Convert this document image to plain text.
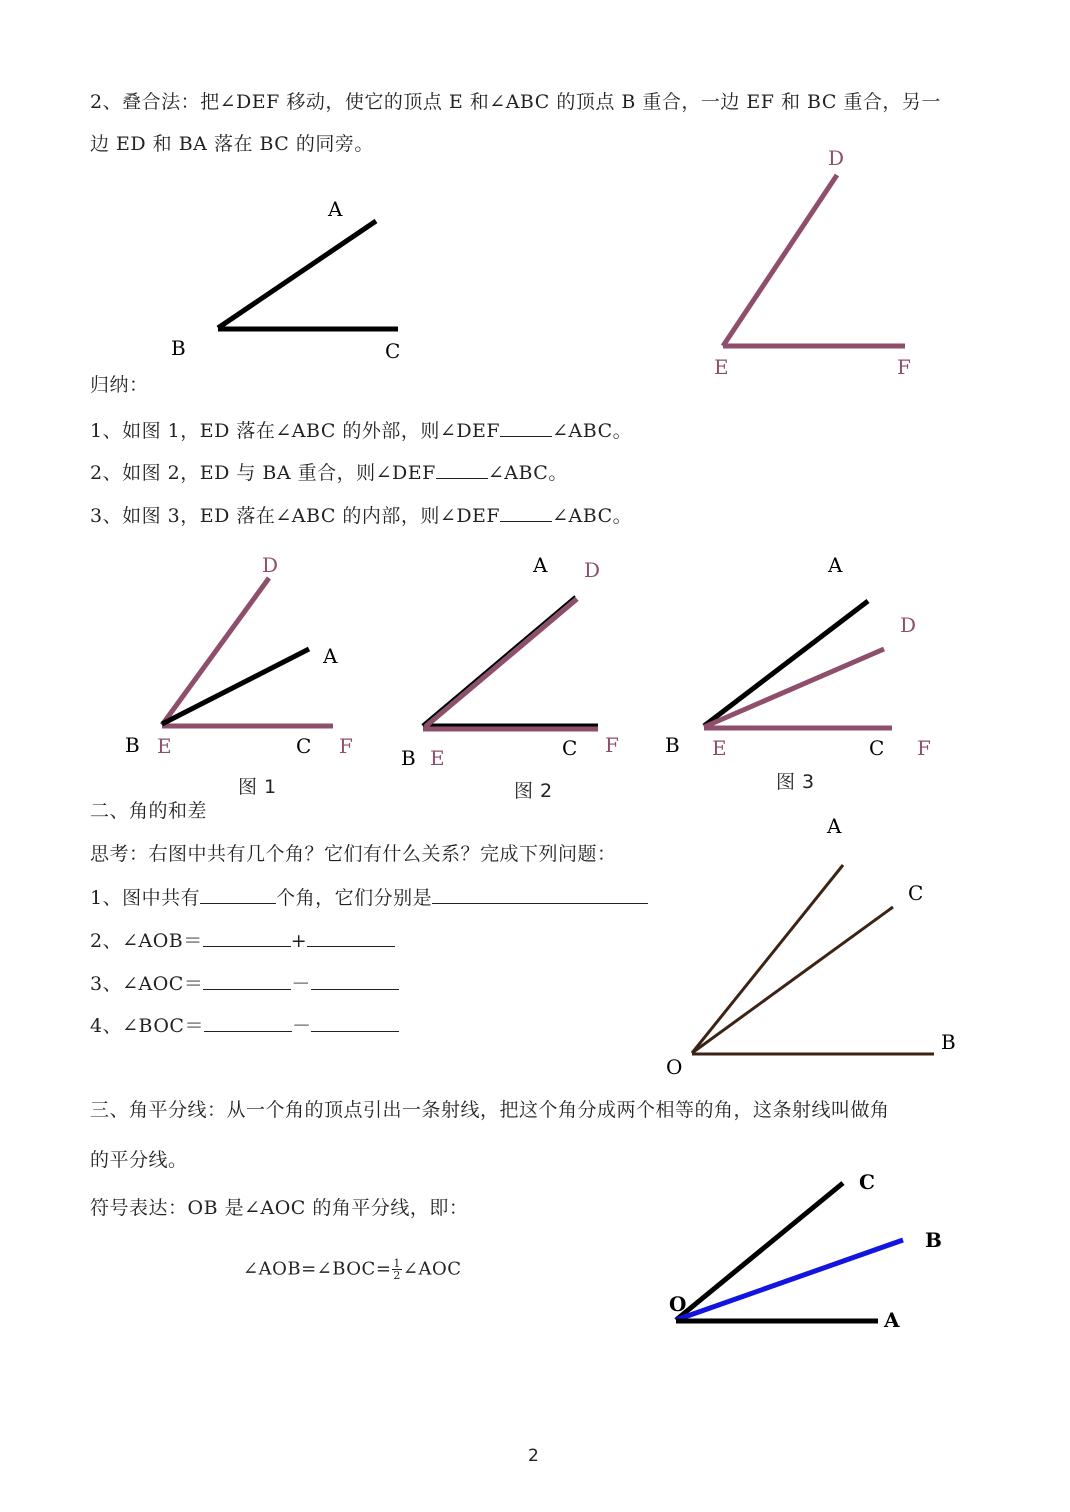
2、叠合法：把∠DEF 移动，使它的顶点 E 和∠ABC 的顶点 B 重合，一边 EF 和 BC 重合，另一
边 ED 和 BA 落在 BC 的同旁。
归纳：
1、如图 1，ED 落在∠ABC 的外部，则∠DEF	∠ABC。
2、如图 2，ED 与 BA 重合，则∠DEF	∠ABC。
3、如图 3，ED 落在∠ABC 的内部，则∠DEF	∠ABC。
图 1	图 2	图 3
二、角的和差
思考：右图中共有几个角？它们有什么关系？完成下列问题：
1、图中共有	个角，它们分别是
2、∠AOB＝	+
3、∠AOC＝	－
4、∠BOC＝	－
三、角平分线：从一个角的顶点引出一条射线，把这个角分成两个相等的角，这条射线叫做角
的平分线。
符号表达：OB 是∠AOC 的角平分线，即：
∠AOB=∠BOC= $\frac{1}{2}$ ∠AOC
2
A
B	C
D
E	F
D
A
B E	C F
A D
B E	C F
A
D
B E	C F
A
C
B
O
C
B
A
O
